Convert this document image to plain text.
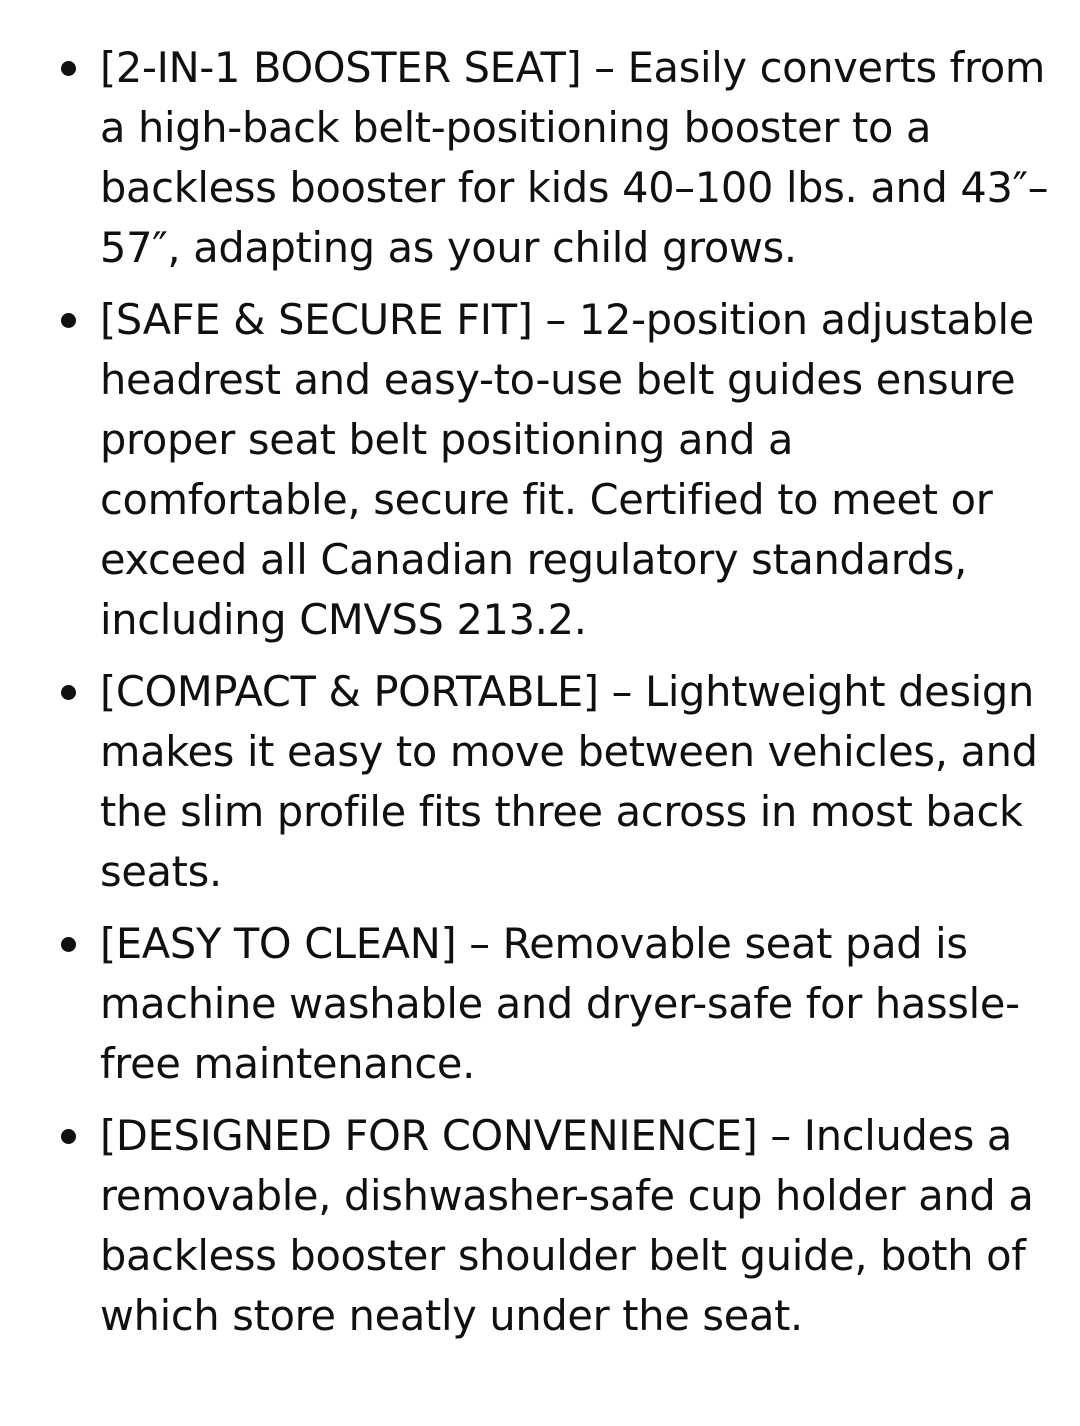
[2-IN-1 BOOSTER SEAT] – Easily converts from a high-back belt-positioning booster to a backless booster for kids 40–100 lbs. and 43″–57″, adapting as your child grows.
[SAFE & SECURE FIT] – 12-position adjustable headrest and easy-to-use belt guides ensure proper seat belt positioning and a comfortable, secure fit. Certified to meet or exceed all Canadian regulatory standards, including CMVSS 213.2.
[COMPACT & PORTABLE] – Lightweight design makes it easy to move between vehicles, and the slim profile fits three across in most back seats.
[EASY TO CLEAN] – Removable seat pad is machine washable and dryer-safe for hassle-free maintenance.
[DESIGNED FOR CONVENIENCE] – Includes a removable, dishwasher-safe cup holder and a backless booster shoulder belt guide, both of which store neatly under the seat.
